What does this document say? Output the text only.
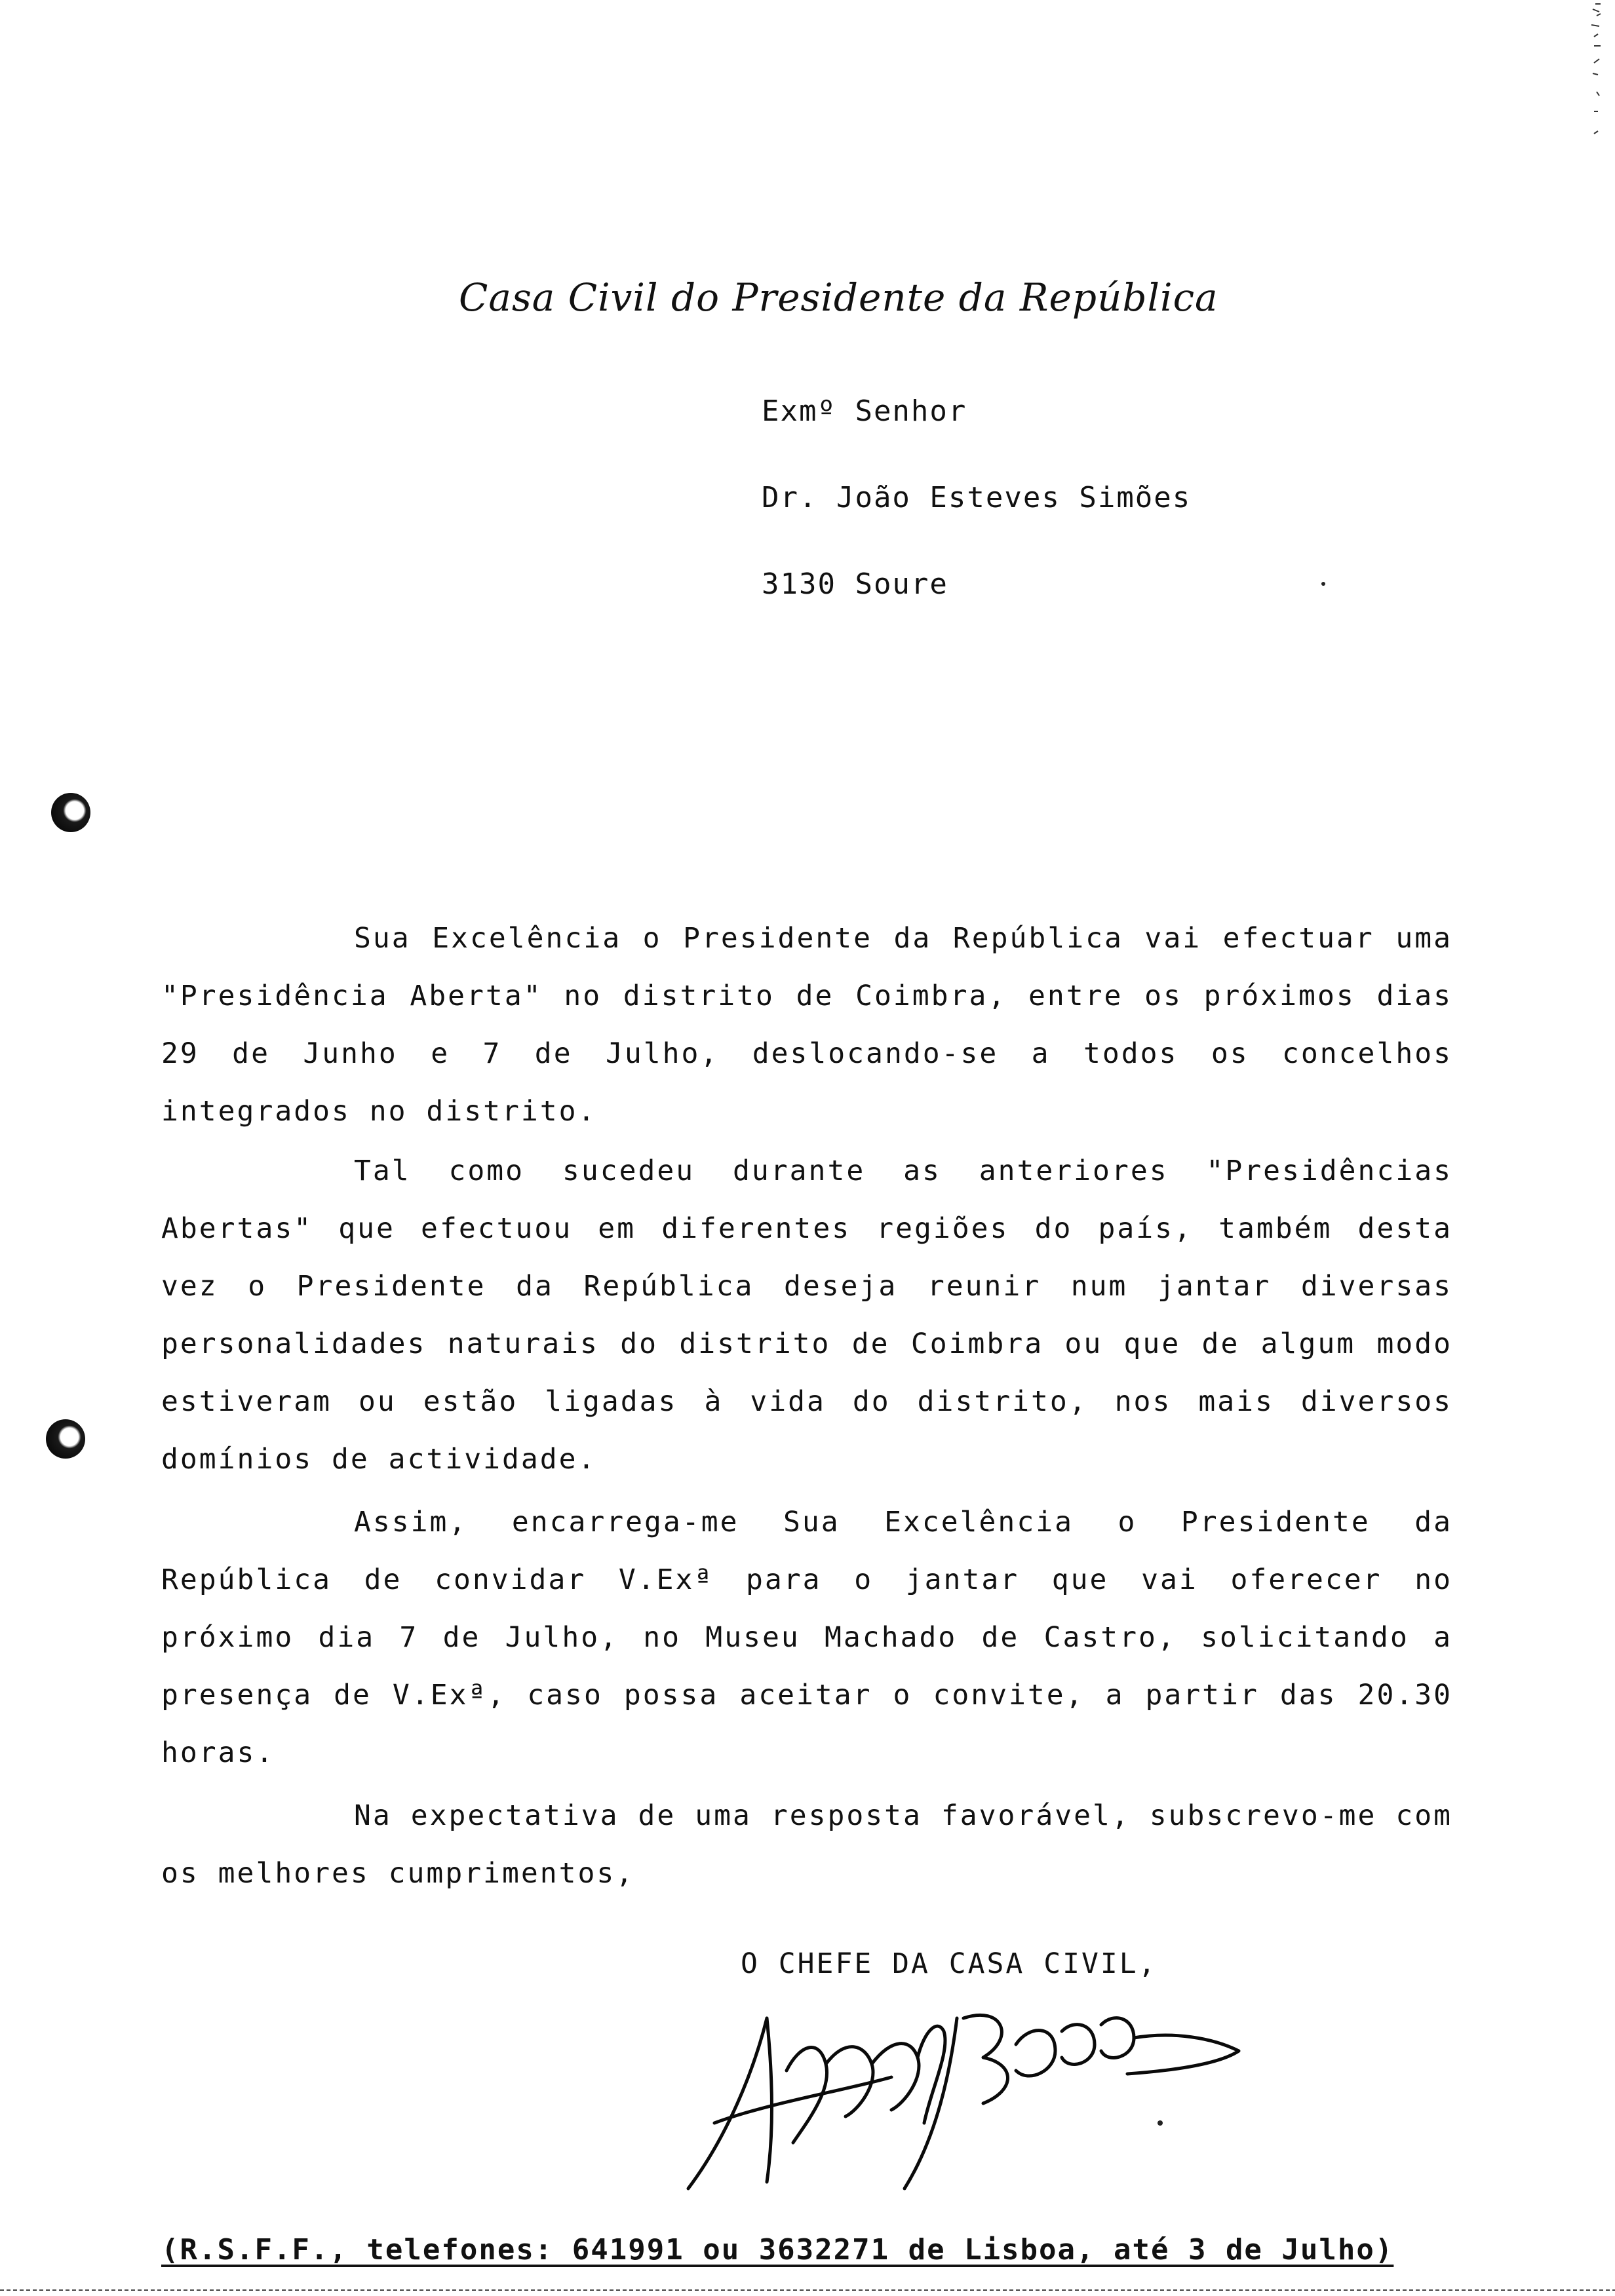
Casa Civil do Presidente da República
Exmº Senhor
Dr. João Esteves Simões
3130 Soure

Sua Excelência o Presidente da República vai efectuar uma "Presidência Aberta" no distrito de Coimbra, entre os próximos dias 29 de Junho e 7 de Julho, deslocando-se a todos os concelhos integrados no distrito.

Tal como sucedeu durante as anteriores "Presidências Abertas" que efectuou em diferentes regiões do país, também desta vez o Presidente da República deseja reunir num jantar diversas personalidades naturais do distrito de Coimbra ou que de algum modo estiveram ou estão ligadas à vida do distrito, nos mais diversos domínios de actividade.

Assim, encarrega-me Sua Excelência o Presidente da República de convidar V.Exª para o jantar que vai oferecer no próximo dia 7 de Julho, no Museu Machado de Castro, solicitando a presença de V.Exª, caso possa aceitar o convite, a partir das 20.30 horas.

Na expectativa de uma resposta favorável, subscrevo-me com os melhores cumprimentos,

O CHEFE DA CASA CIVIL,
(R.S.F.F., telefones: 641991 ou 3632271 de Lisboa, até 3 de Julho)
